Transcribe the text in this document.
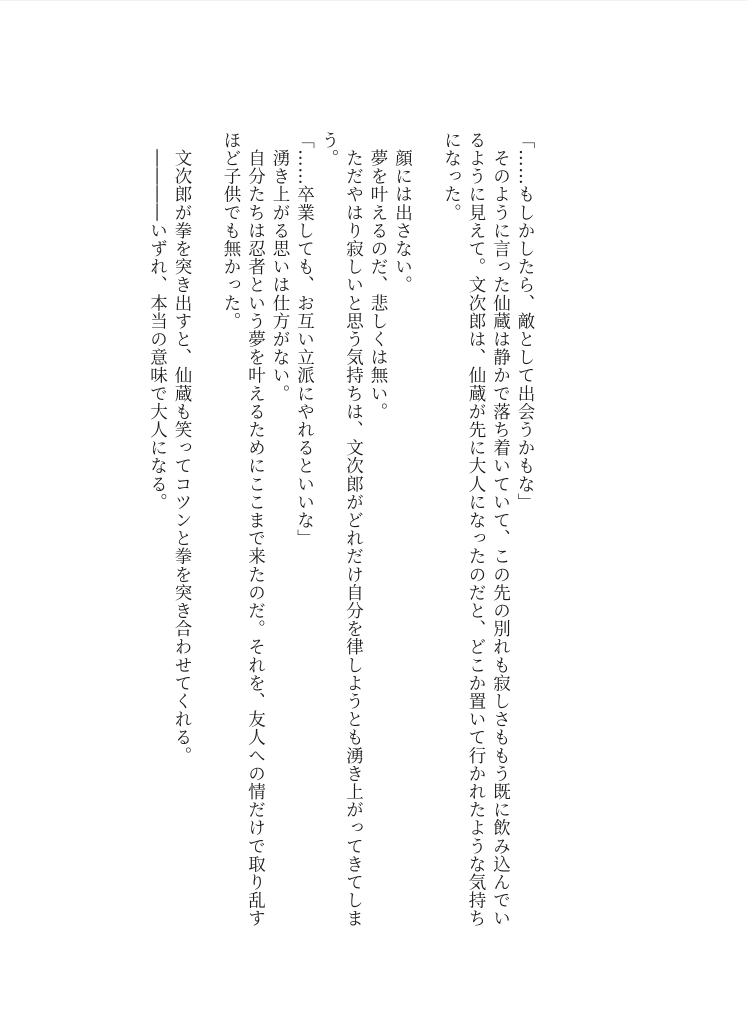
「……もしかしたら、敵として出会うかもな」
　そのように言った仙蔵は静かで落ち着いていて、この先の別れも寂しさももう既に飲み込んでい
るように見えて。文次郎は、仙蔵が先に大人になったのだと、どこか置いて行かれたような気持ち
になった。
　顔には出さない。
　夢を叶えるのだ、悲しくは無い。
　ただやはり寂しいと思う気持ちは、文次郎がどれだけ自分を律しようとも湧き上がってきてしま
う。
「……卒業しても、お互い立派にやれるといいな」
　湧き上がる思いは仕方がない。
　自分たちは忍者という夢を叶えるためにここまで来たのだ。それを、友人への情だけで取り乱す
ほど子供でも無かった。
　文次郎が拳を突き出すと、仙蔵も笑ってコツンと拳を突き合わせてくれる。
　――――いずれ、本当の意味で大人になる。
